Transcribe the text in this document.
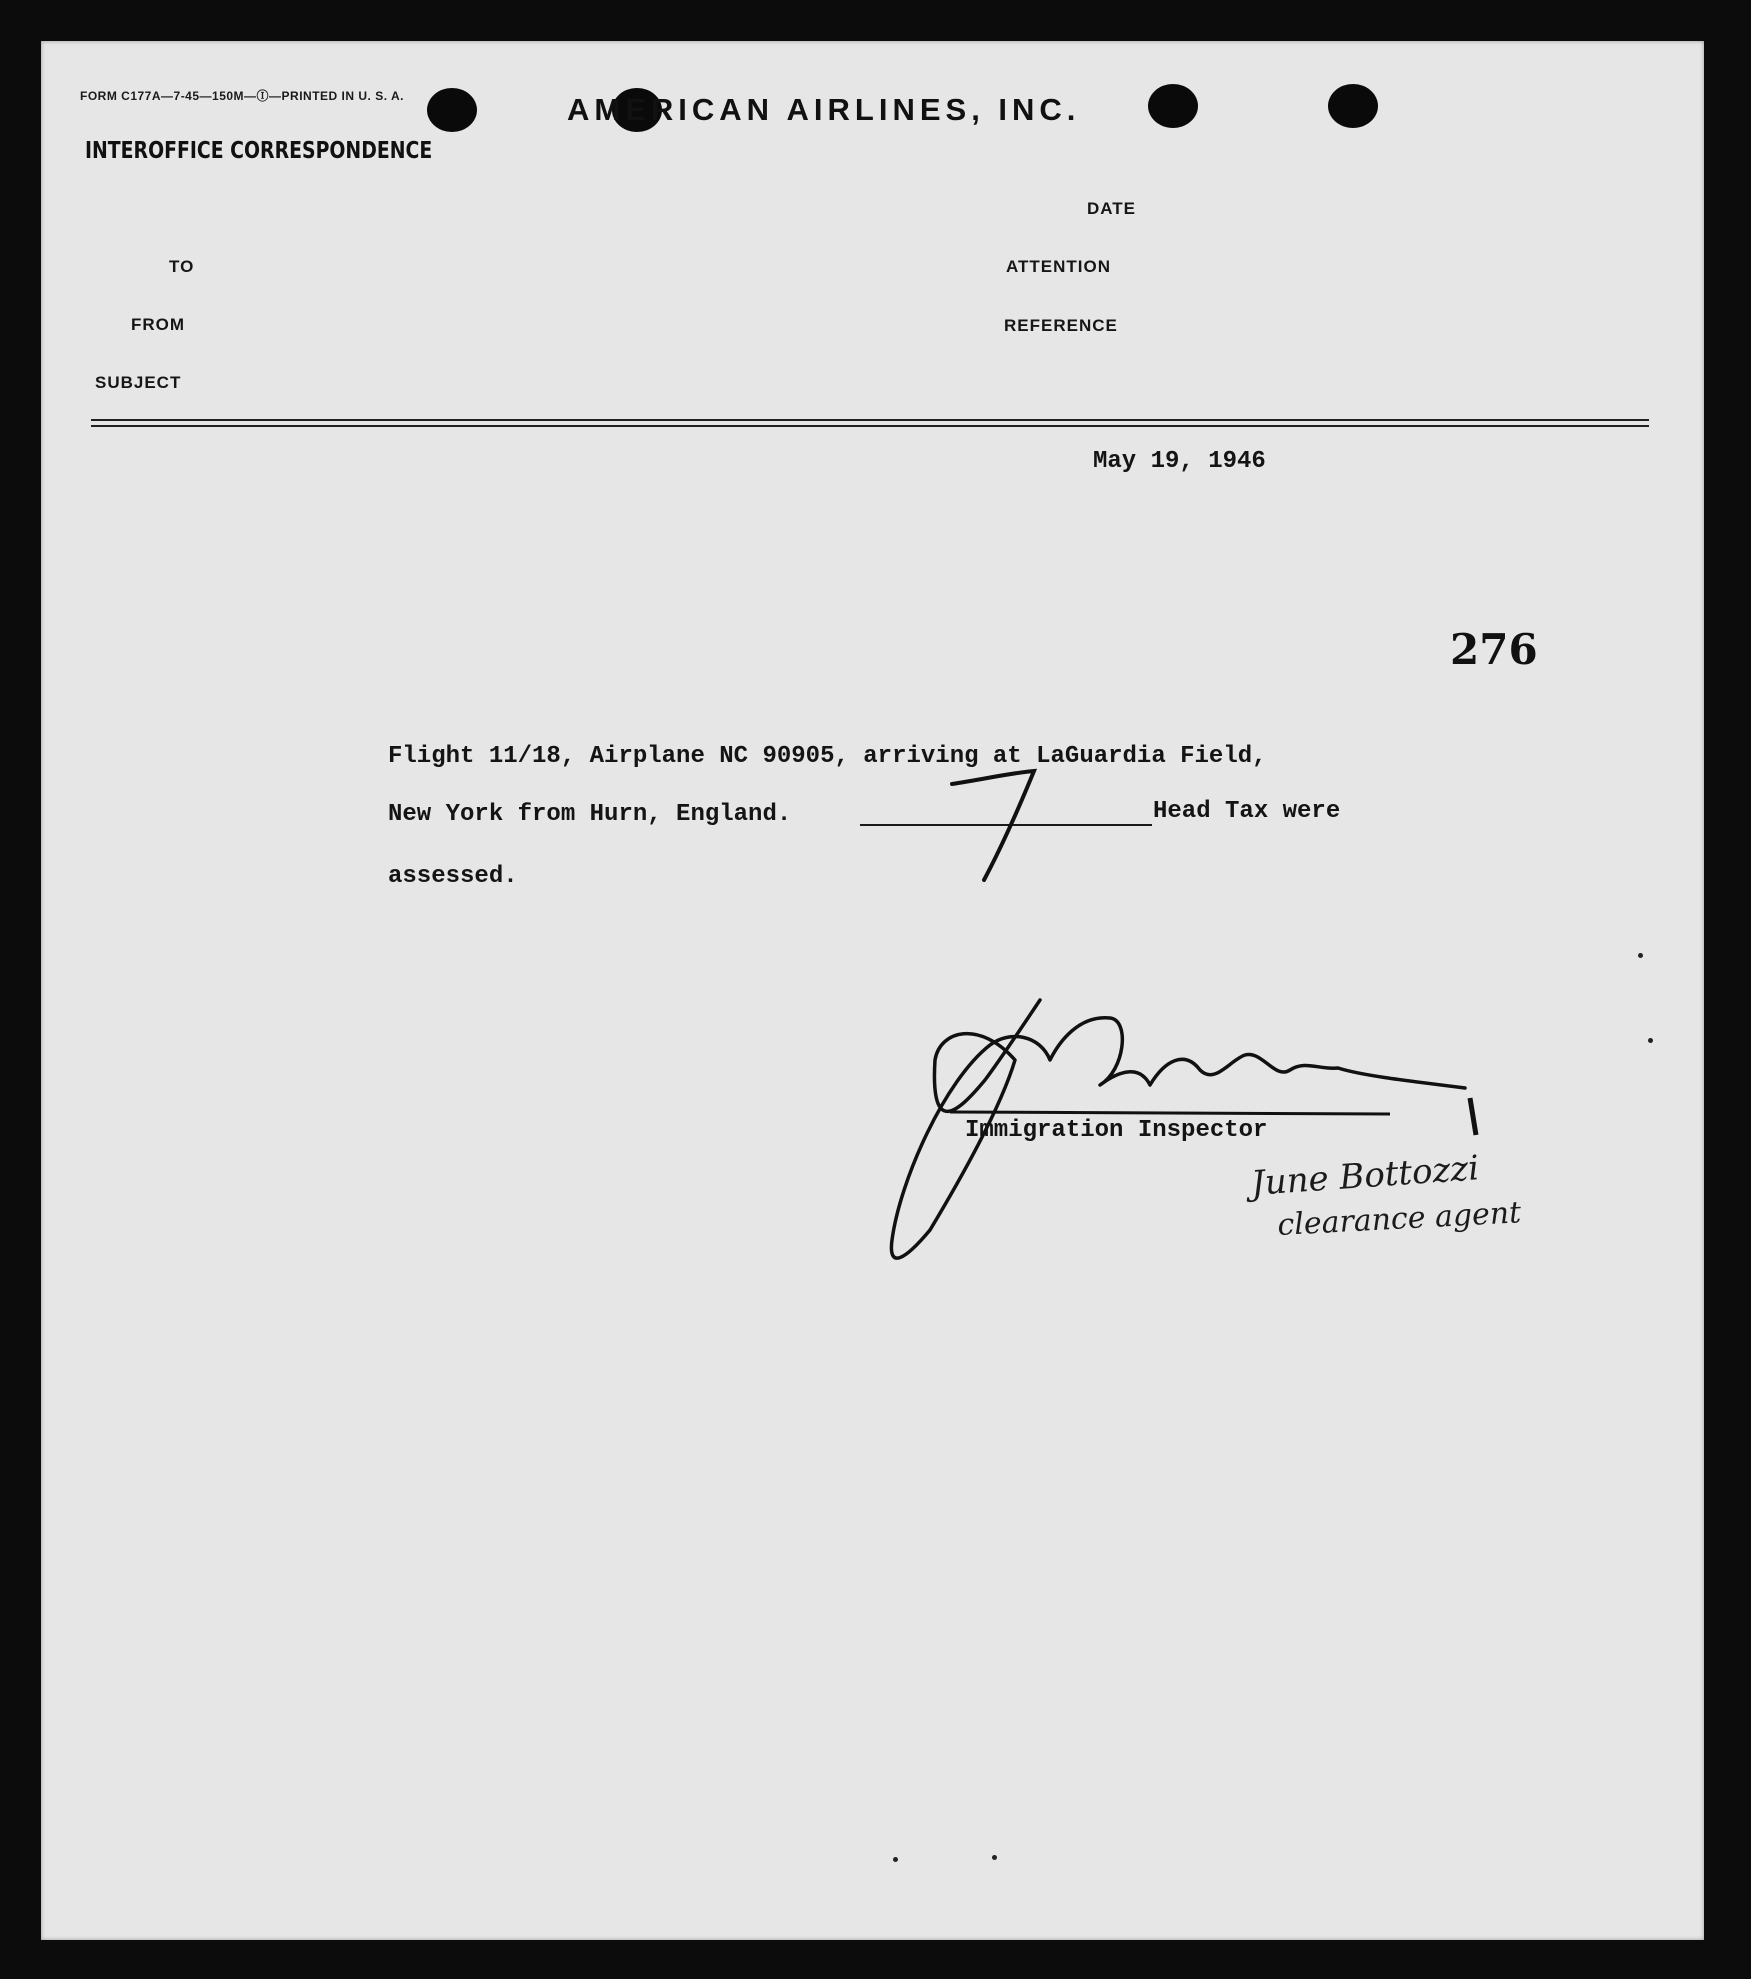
FORM C177A—7-45—150M—Ⓘ—PRINTED IN U. S. A.	AMERICAN AIRLINES, INC.
INTEROFFICE CORRESPONDENCE
TO
FROM
SUBJECT
DATE
ATTENTION
REFERENCE
May 19, 1946
276
Flight 11/18, Airplane NC 90905, arriving at LaGuardia Field,
New York from Hurn, England.	Head Tax were
assessed.
Immigration Inspector
June Bottozzi
clearance agent
